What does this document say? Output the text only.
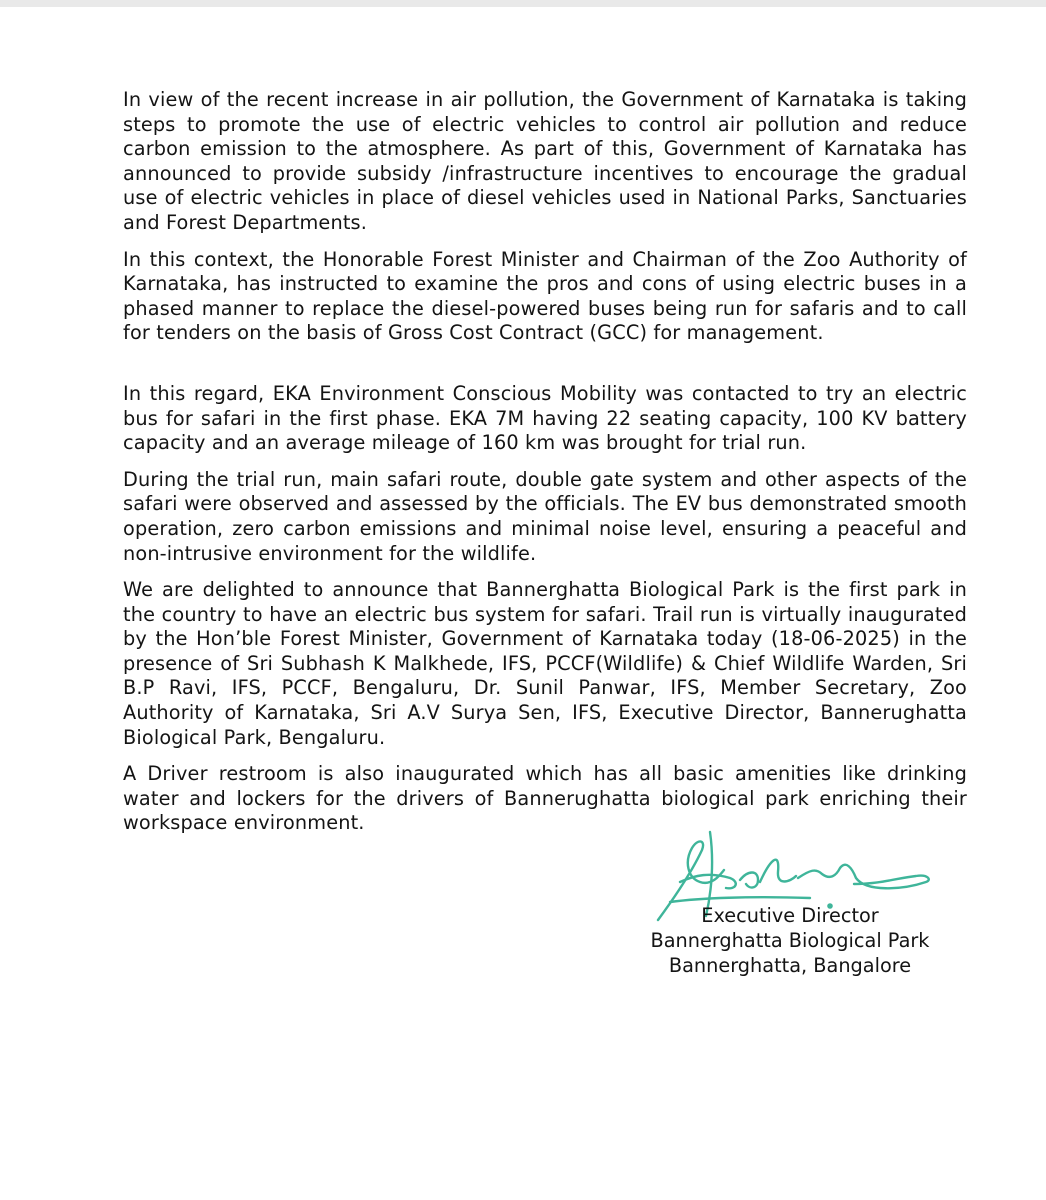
In view of the recent increase in air pollution, the Government of Karnataka is taking steps to promote the use of electric vehicles to control air pollution and reduce carbon emission to the atmosphere. As part of this, Government of Karnataka has announced to provide subsidy /infrastructure incentives to encourage the gradual use of electric vehicles in place of diesel vehicles used in National Parks, Sanctuaries and Forest Departments.

In this context, the Honorable Forest Minister and Chairman of the Zoo Authority of Karnataka, has instructed to examine the pros and cons of using electric buses in a phased manner to replace the diesel-powered buses being run for safaris and to call for tenders on the basis of Gross Cost Contract (GCC) for management.

In this regard, EKA Environment Conscious Mobility was contacted to try an electric bus for safari in the first phase. EKA 7M having 22 seating capacity, 100 KV battery capacity and an average mileage of 160 km was brought for trial run.

During the trial run, main safari route, double gate system and other aspects of the safari were observed and assessed by the officials. The EV bus demonstrated smooth operation, zero carbon emissions and minimal noise level, ensuring a peaceful and non-intrusive environment for the wildlife.

We are delighted to announce that Bannerghatta Biological Park is the first park in the country to have an electric bus system for safari. Trail run is virtually inaugurated by the Hon’ble Forest Minister, Government of Karnataka today (18-06-2025) in the presence of Sri Subhash K Malkhede, IFS, PCCF(Wildlife) & Chief Wildlife Warden, Sri B.P Ravi, IFS, PCCF, Bengaluru, Dr. Sunil Panwar, IFS, Member Secretary, Zoo Authority of Karnataka, Sri A.V Surya Sen, IFS, Executive Director, Bannerughatta Biological Park, Bengaluru.

A Driver restroom is also inaugurated which has all basic amenities like drinking water and lockers for the drivers of Bannerughatta biological park enriching their workspace environment.

Executive Director
Bannerghatta Biological Park
Bannerghatta, Bangalore
